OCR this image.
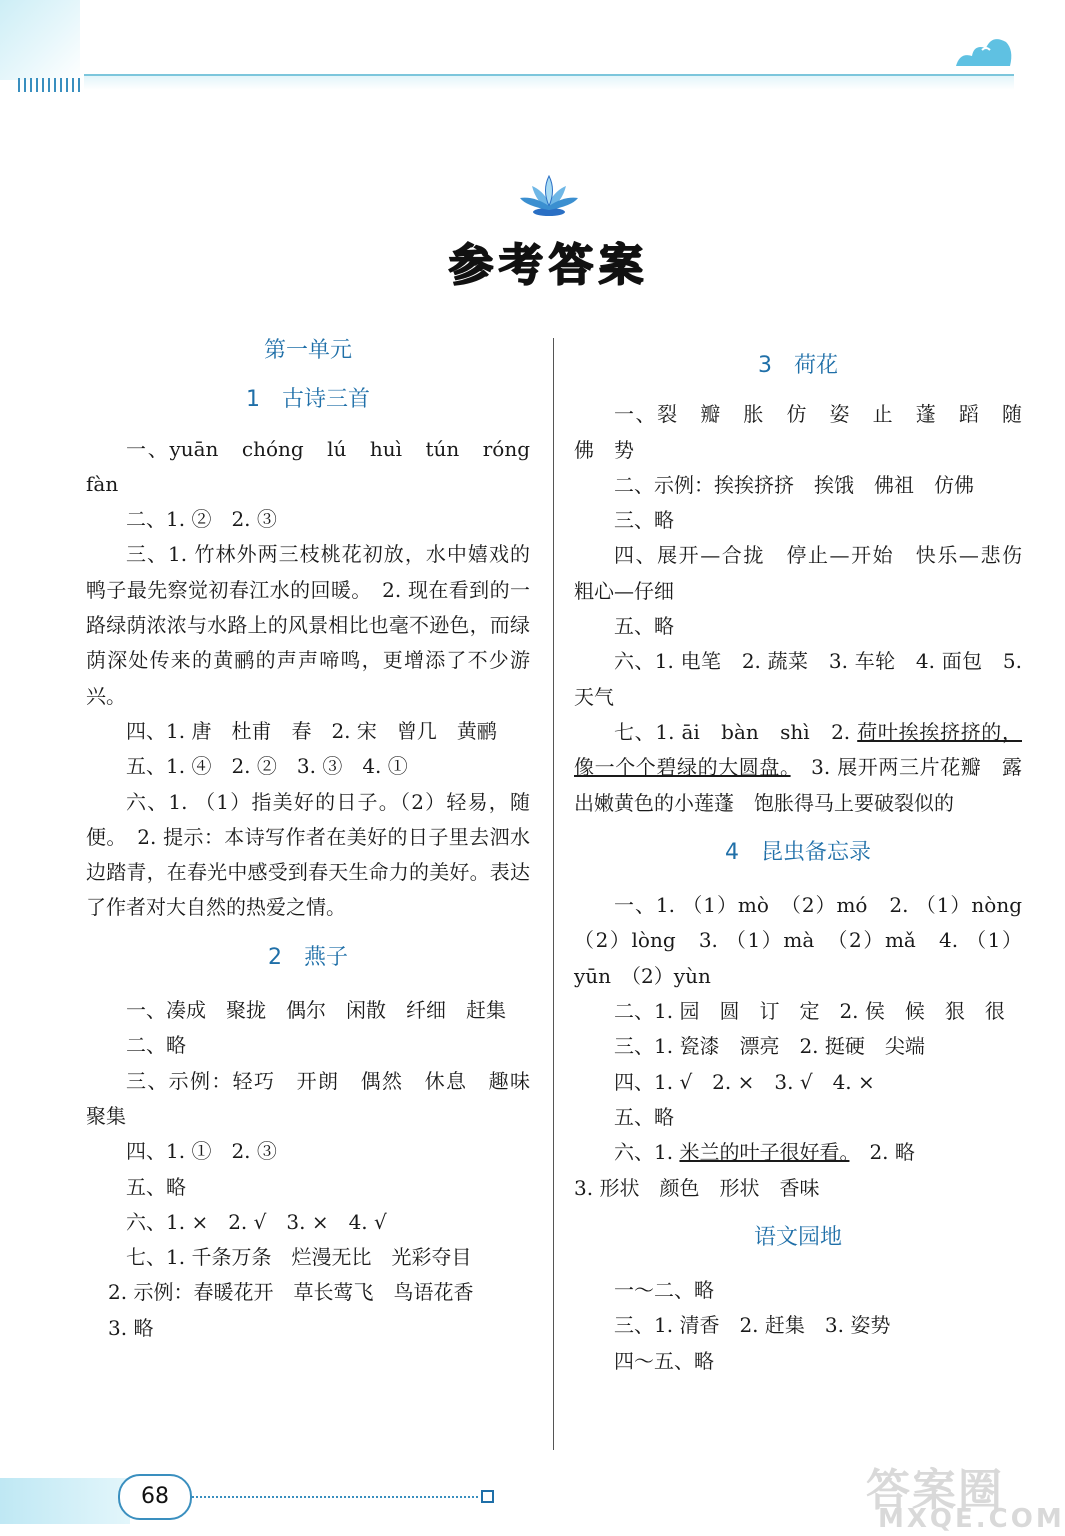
参 考 答 案
第一单元
1　古诗三首

一、yuān　chóng　lú　huì　tún　róng fàn

二、1. ②　2. ③

三、1. 竹林外两三枝桃花初放，水中嬉戏的鸭子最先察觉初春江水的回暖。　2. 现在看到的一路绿荫浓浓与水路上的风景相比也毫不逊色，而绿荫深处传来的黄鹂的声声啼鸣，更增添了不少游兴。

四、1. 唐　杜甫　春　2. 宋　曾几　黄鹂

五、1. ④　2. ②　3. ③　4. ①

六、1. （1）指美好的日子。（2）轻易，随便。　2. 提示：本诗写作者在美好的日子里去泗水边踏青，在春光中感受到春天生命力的美好。表达了作者对大自然的热爱之情。

2　燕子

一、凑成　聚拢　偶尔　闲散　纤细　赶集

二、略

三、示例：轻巧　开朗　偶然　休息　趣味　聚集

四、1. ①　2. ③

五、略

六、1. ×　2. √　3. ×　4. √

七、1. 千条万条　烂漫无比　光彩夺目

2. 示例：春暖花开　草长莺飞　鸟语花香

3. 略

3　荷花

一、裂　瓣　胀　仿　姿　止　蓬　蹈　随　佛　势

二、示例：挨挨挤挤　挨饿　佛祖　仿佛

三、略

四、展开—合拢　停止—开始　快乐—悲伤　粗心—仔细

五、略

六、1. 电笔　2. 蔬菜　3. 车轮　4. 面包　5. 天气

七、1. āi　bàn　shì　2. 荷叶挨挨挤挤的，像一个个碧绿的大圆盘。　3. 展开两三片花瓣　露出嫩黄色的小莲蓬　饱胀得马上要破裂似的

4　昆虫备忘录

一、1. （1）mò　（2）mó　2. （1）nòng （2）lòng　3. （1）mà　（2）mǎ　4. （1）yūn　（2）yùn

二、1. 园　圆　订　定　2. 侯　候　狠　很

三、1. 瓷漆　漂亮　2. 挺硬　尖端

四、1. √　2. ×　3. √　4. ×

五、略

六、1. 米兰的叶子很好看。　2. 略

3. 形状　颜色　形状　香味

语文园地

一～二、略

三、1. 清香　2. 赶集　3. 姿势

四～五、略

68	答案圈
MXQE.COM
